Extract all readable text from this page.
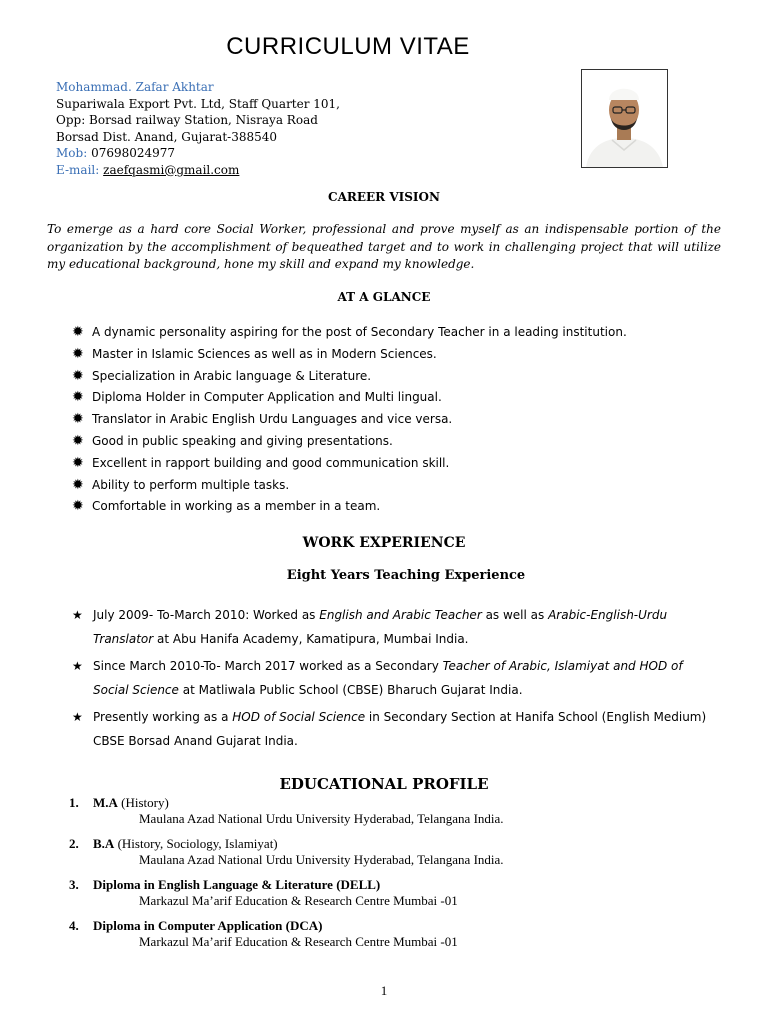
CURRICULUM VITAE
Mohammad. Zafar Akhtar
Supariwala Export Pvt. Ltd, Staff Quarter 101,
Opp: Borsad railway Station, Nisraya Road
Borsad Dist. Anand, Gujarat-388540
Mob: 07698024977
E-mail: zaefqasmi@gmail.com
CAREER VISION
To emerge as a hard core Social Worker, professional and prove myself as an indispensable portion of the organization by the accomplishment of bequeathed target and to work in challenging project that will utilize my educational background, hone my skill and expand my knowledge.
AT A GLANCE
✹ A dynamic personality aspiring for the post of Secondary Teacher in a leading institution.
✹ Master in Islamic Sciences as well as in Modern Sciences.
✹ Specialization in Arabic language & Literature.
✹ Diploma Holder in Computer Application and Multi lingual.
✹ Translator in Arabic English Urdu Languages and vice versa.
✹ Good in public speaking and giving presentations.
✹ Excellent in rapport building and good communication skill.
✹ Ability to perform multiple tasks.
✹ Comfortable in working as a member in a team.
WORK EXPERIENCE
Eight Years Teaching Experience
★ July 2009- To-March 2010: Worked as English and Arabic Teacher as well as Arabic-English-Urdu Translator at Abu Hanifa Academy, Kamatipura, Mumbai India.
★ Since March 2010-To- March 2017 worked as a Secondary Teacher of Arabic, Islamiyat and HOD of Social Science at Matliwala Public School (CBSE) Bharuch Gujarat India.
★ Presently working as a HOD of Social Science in Secondary Section at Hanifa School (English Medium) CBSE Borsad Anand Gujarat India.
EDUCATIONAL PROFILE
1. M.A (History)
Maulana Azad National Urdu University Hyderabad, Telangana India.
2. B.A (History, Sociology, Islamiyat)
Maulana Azad National Urdu University Hyderabad, Telangana India.
3. Diploma in English Language & Literature (DELL)
Markazul Ma’arif Education & Research Centre Mumbai -01
4. Diploma in Computer Application (DCA)
Markazul Ma’arif Education & Research Centre Mumbai -01
1
